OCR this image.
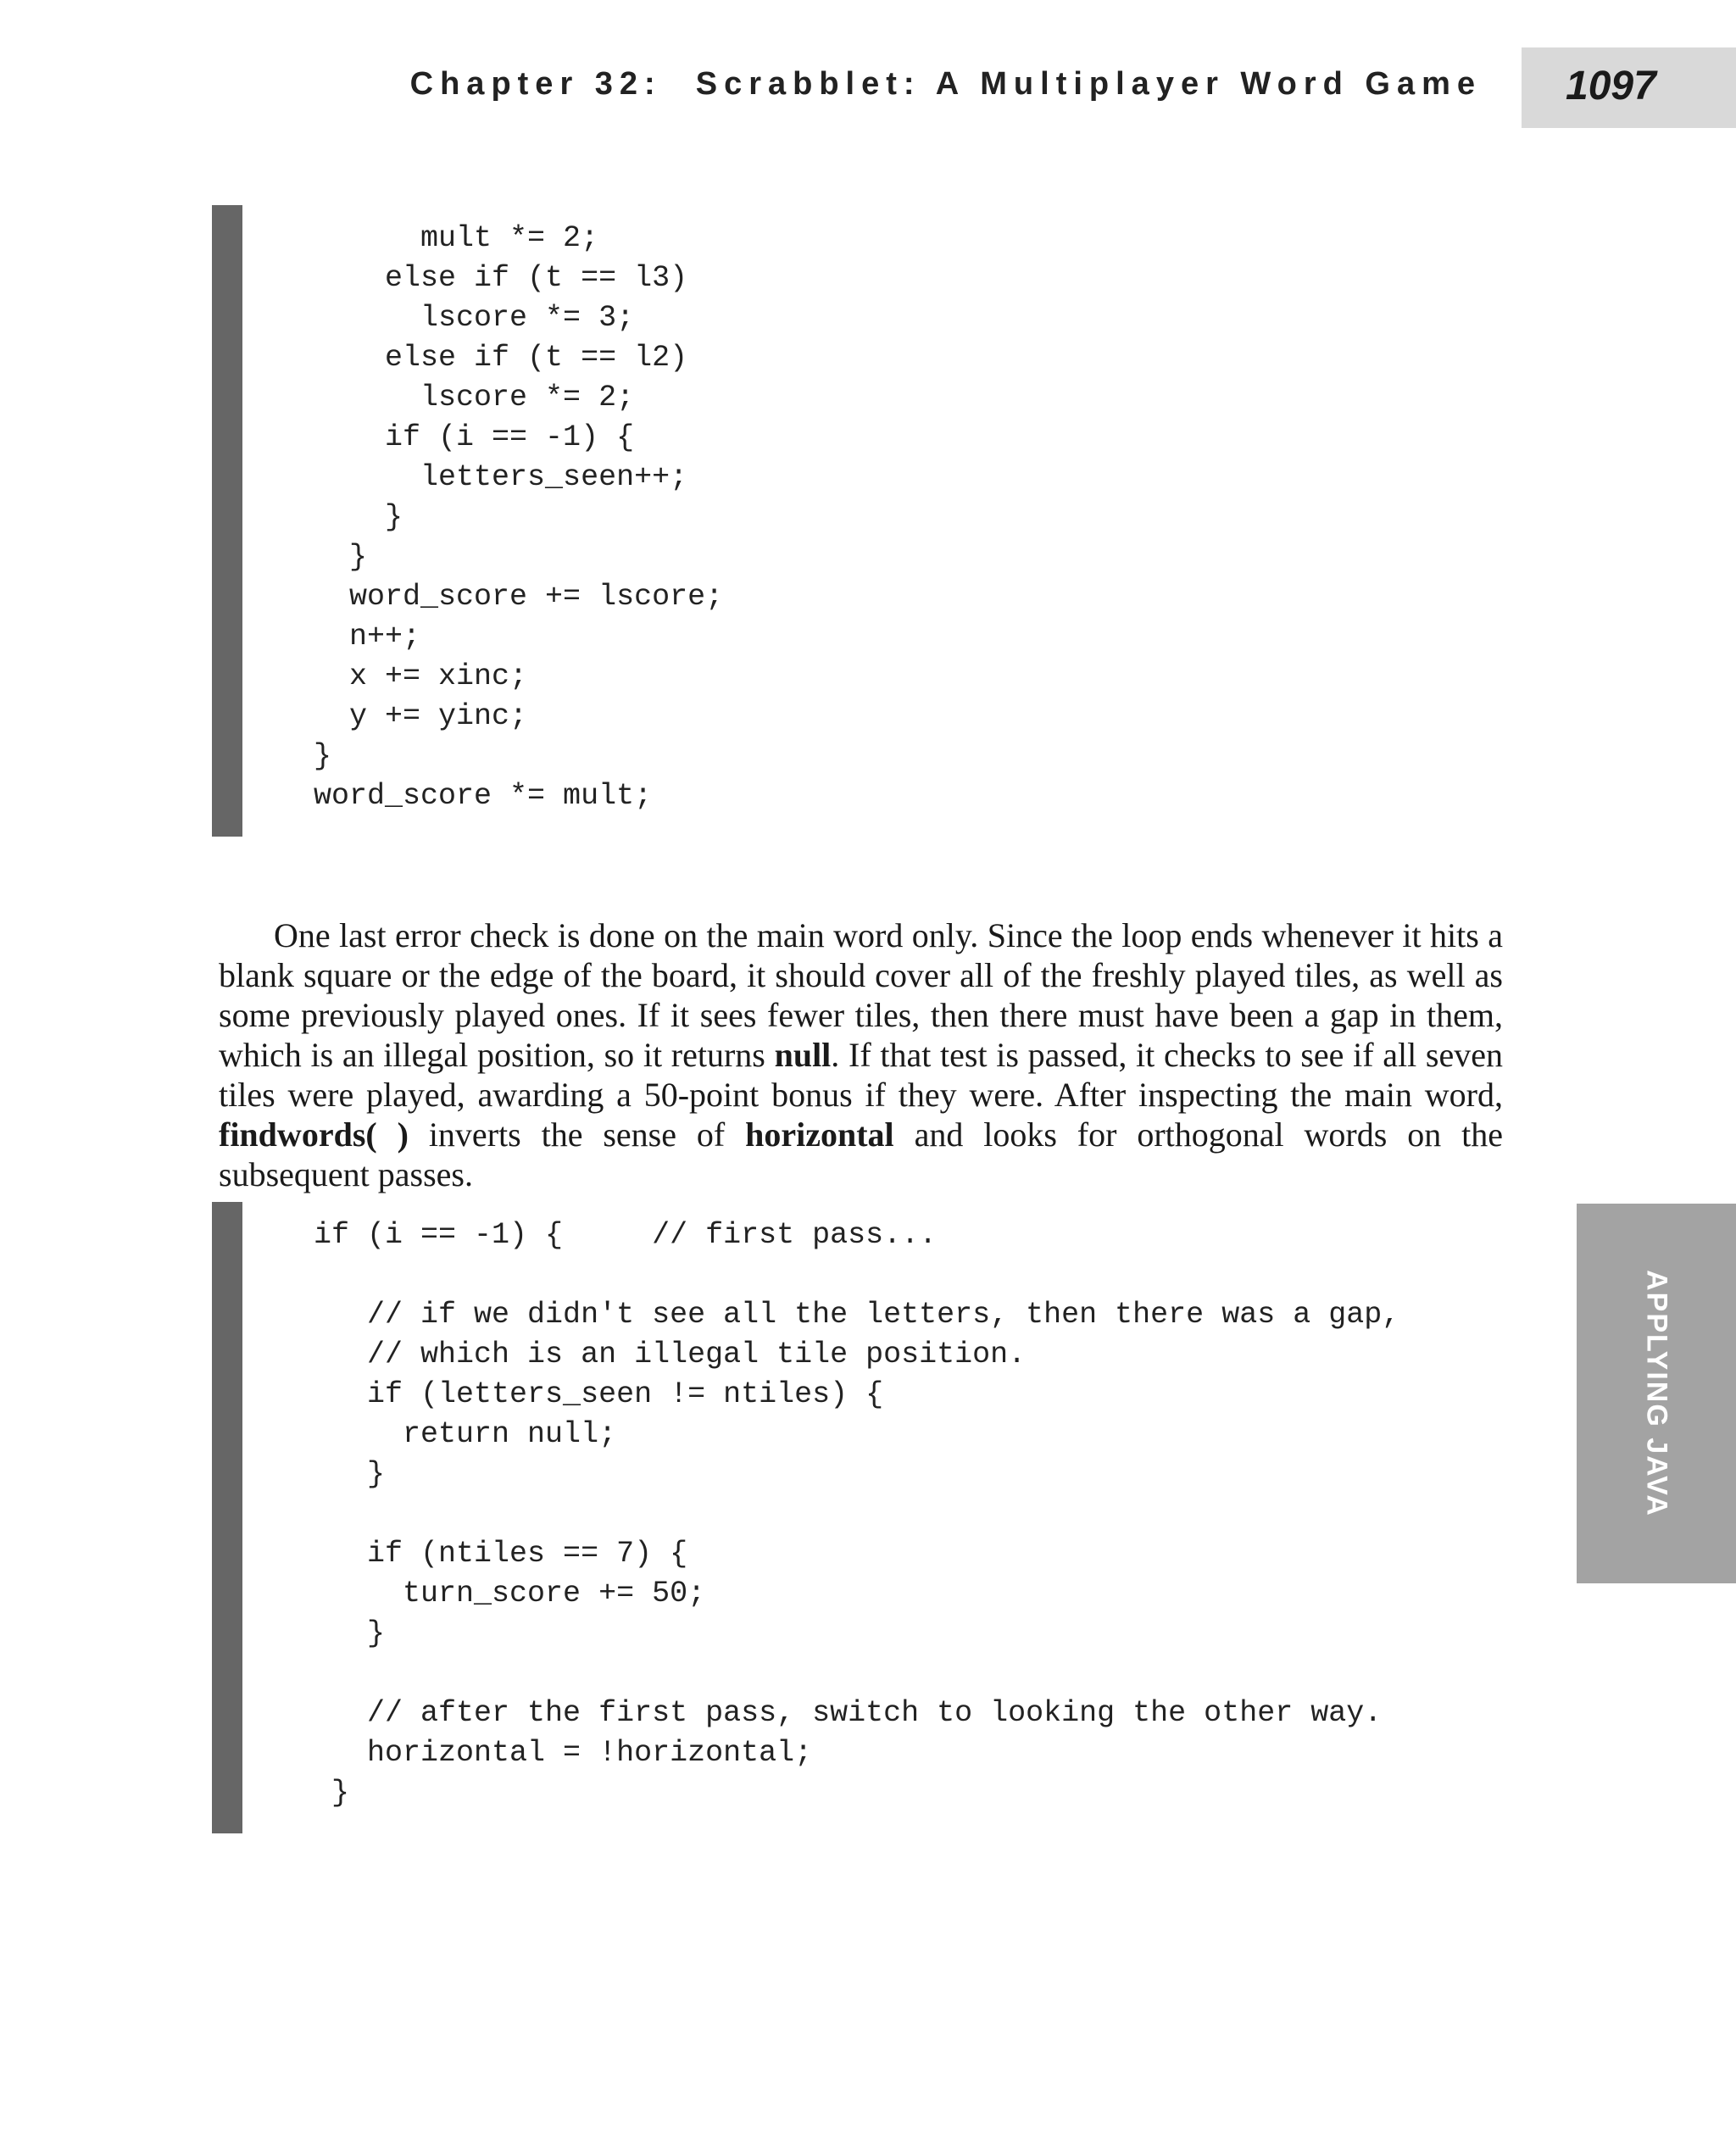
Chapter 32: Scrabblet: A Multiplayer Word Game 1097
mult *= 2;
else if (t == l3)
lscore *= 3;
else if (t == l2)
lscore *= 2;
if (i == -1) {
letters_seen++;
}
}
word_score += lscore;
n++;
x += xinc;
y += yinc;
}
word_score *= mult;

One last error check is done on the main word only. Since the loop ends whenever it hits a blank square or the edge of the board, it should cover all of the freshly played tiles, as well as some previously played ones. If it sees fewer tiles, then there must have been a gap in them, which is an illegal position, so it returns null. If that test is passed, it checks to see if all seven tiles were played, awarding a 50-point bonus if they were. After inspecting the main word, findwords( ) inverts the sense of horizontal and looks for orthogonal words on the subsequent passes.

if (i == -1) {     // first pass...

// if we didn't see all the letters, then there was a gap,
// which is an illegal tile position.
if (letters_seen != ntiles) {
return null;
}

if (ntiles == 7) {
turn_score += 50;
}

// after the first pass, switch to looking the other way.
horizontal = !horizontal;
}
APPLYING JAVA
